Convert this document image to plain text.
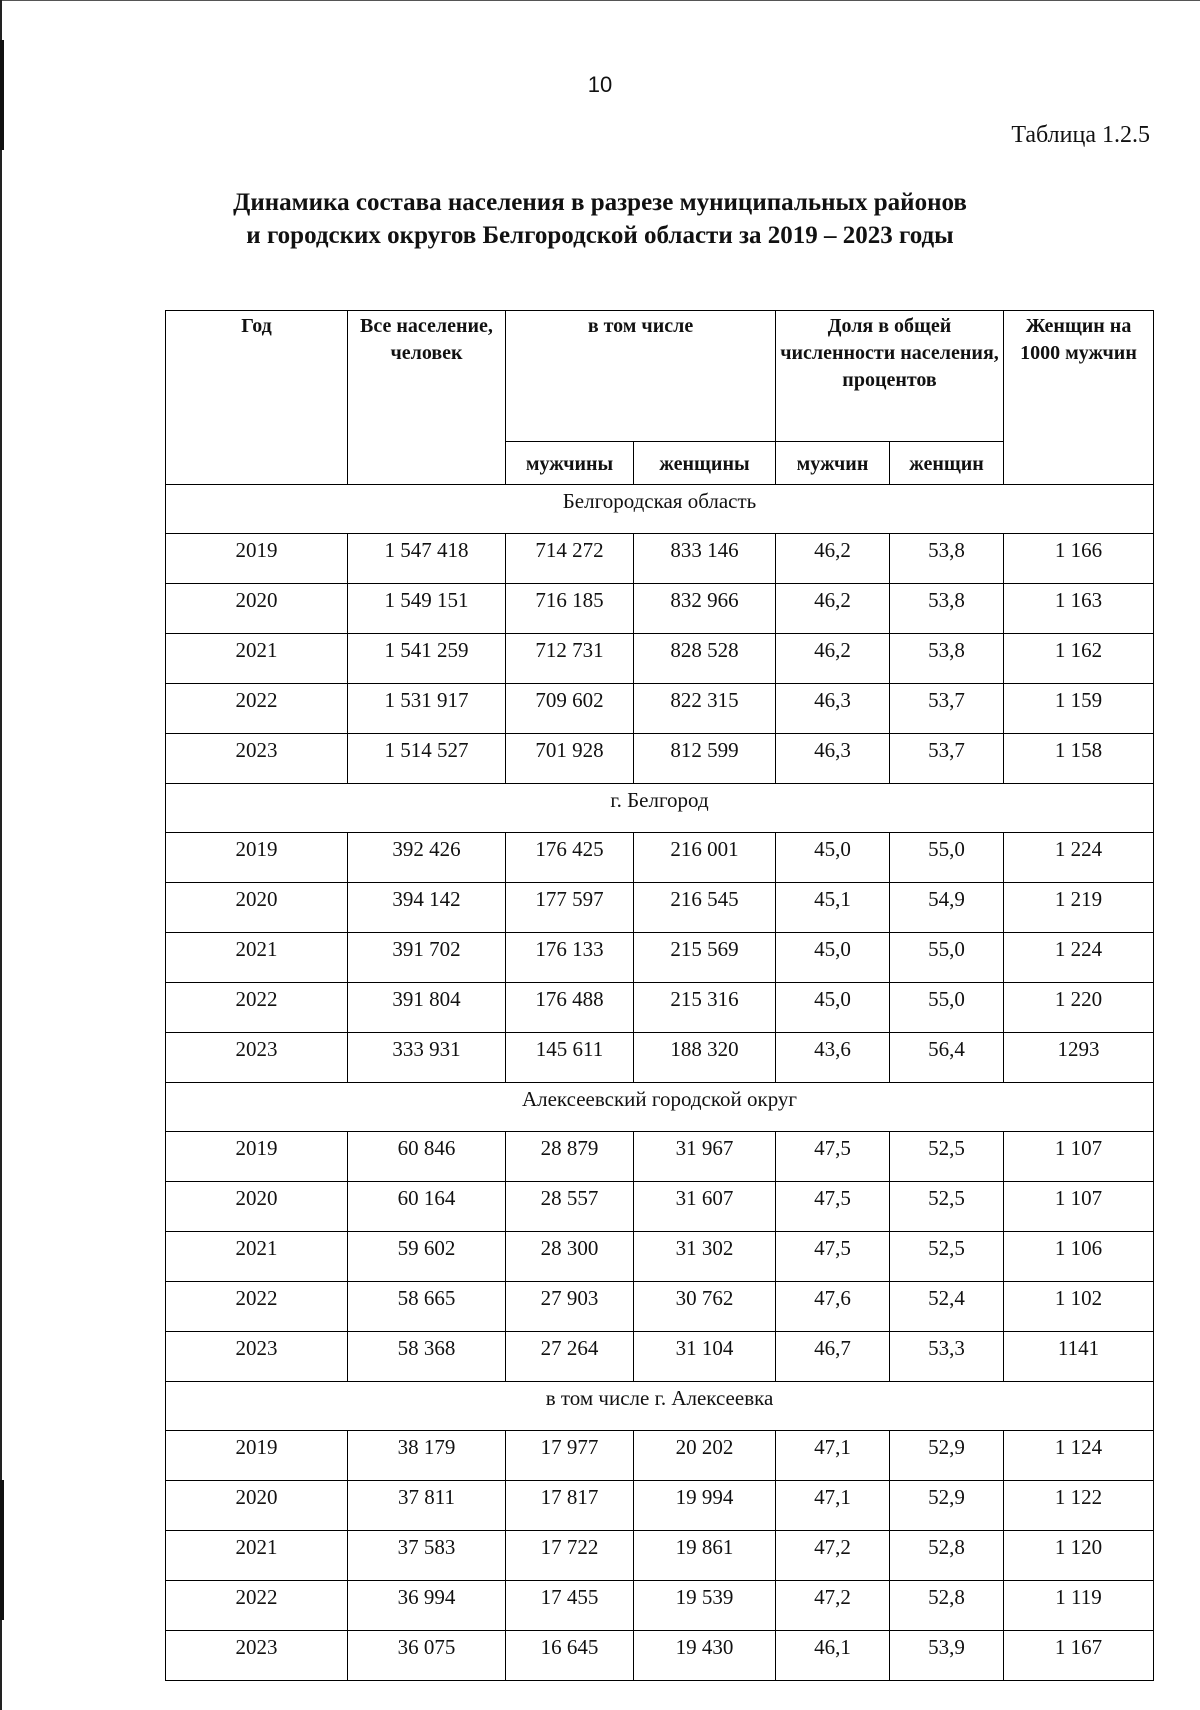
10
Таблица 1.2.5
Динамика состава населения в разрезе муниципальных районов
и городских округов Белгородской области за 2019 – 2023 годы
Год	Все население, человек	в том числе		Доля в общей численности населения, процентов		Женщин на 1000 мужчин
		мужчины	женщины	мужчин	женщин	
Белгородская область						
2019	1 547 418	714 272	833 146	46,2	53,8	1 166
2020	1 549 151	716 185	832 966	46,2	53,8	1 163
2021	1 541 259	712 731	828 528	46,2	53,8	1 162
2022	1 531 917	709 602	822 315	46,3	53,7	1 159
2023	1 514 527	701 928	812 599	46,3	53,7	1 158
г. Белгород						
2019	392 426	176 425	216 001	45,0	55,0	1 224
2020	394 142	177 597	216 545	45,1	54,9	1 219
2021	391 702	176 133	215 569	45,0	55,0	1 224
2022	391 804	176 488	215 316	45,0	55,0	1 220
2023	333 931	145 611	188 320	43,6	56,4	1293
Алексеевский городской округ						
2019	60 846	28 879	31 967	47,5	52,5	1 107
2020	60 164	28 557	31 607	47,5	52,5	1 107
2021	59 602	28 300	31 302	47,5	52,5	1 106
2022	58 665	27 903	30 762	47,6	52,4	1 102
2023	58 368	27 264	31 104	46,7	53,3	1141
в том числе г. Алексеевка						
2019	38 179	17 977	20 202	47,1	52,9	1 124
2020	37 811	17 817	19 994	47,1	52,9	1 122
2021	37 583	17 722	19 861	47,2	52,8	1 120
2022	36 994	17 455	19 539	47,2	52,8	1 119
2023	36 075	16 645	19 430	46,1	53,9	1 167
